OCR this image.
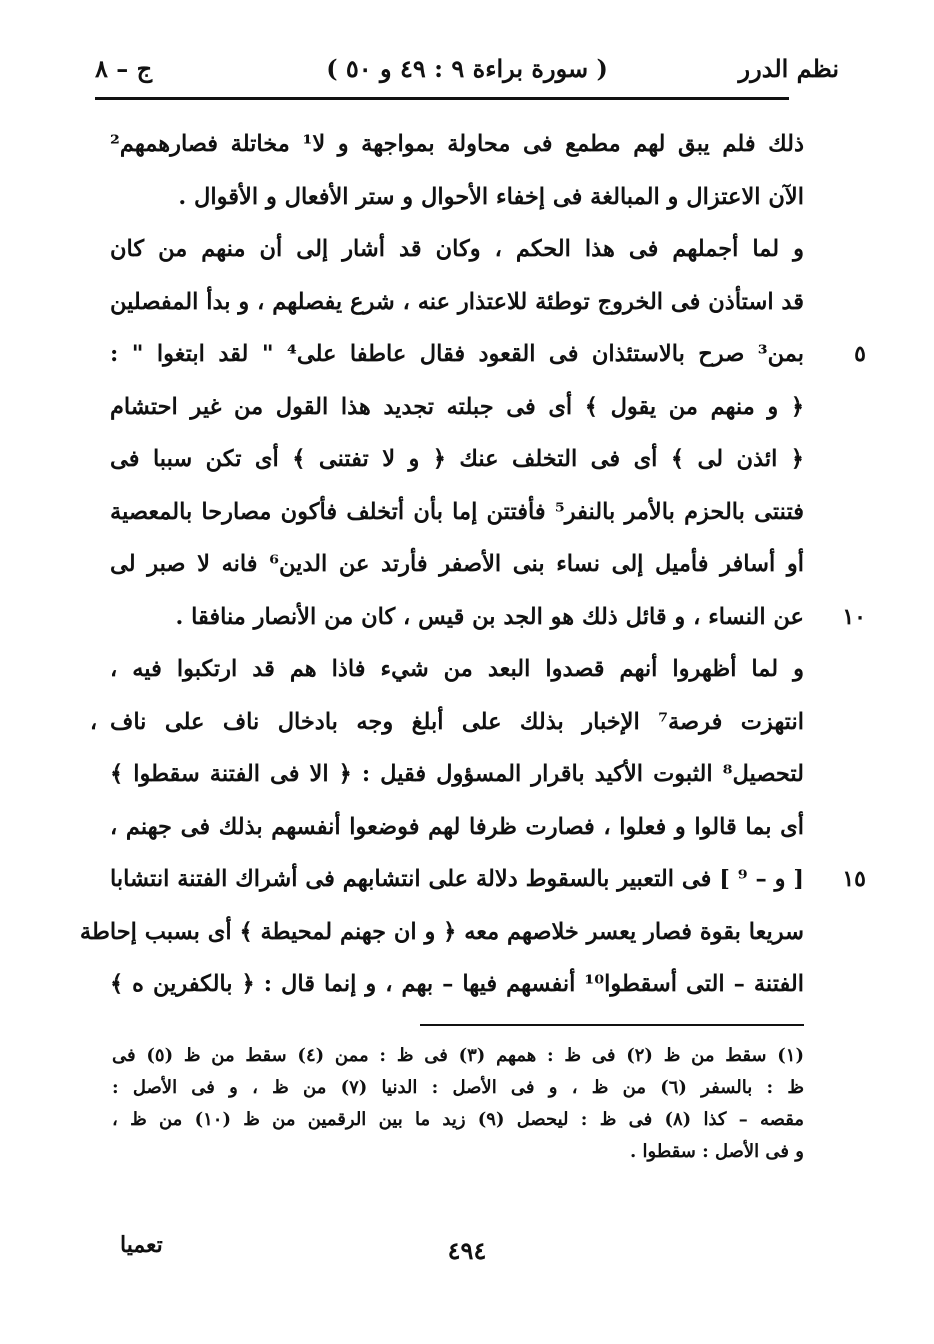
نظم الدرر
( سورة براءة ٩ : ٤٩ و ٥٠ )
ج – ٨
ذلك فلم يبق لهم مطمع فى محاولة بمواجهة و لا¹ مخاتلة فصارهمهم²
الآن الاعتزال و المبالغة فى إخفاء الأحوال و ستر الأفعال و الأقوال .
و لما أجملهم فى هذا الحكم ، وكان قد أشار إلى أن منهم من كان
قد استأذن فى الخروج توطئة للاعتذار عنه ، شرع يفصلهم ، و بدأ المفصلين
بمن³ صرح بالاستئذان فى القعود فقال عاطفا على⁴ " لقد ابتغوا " : ٥
﴿ و منهم من يقول ﴾ أى فى جبلته تجديد هذا القول من غير احتشام
﴿ ائذن لى ﴾ أى فى التخلف عنك ﴿ و لا تفتنى ﴾ أى تكن سببا فى
فتنتى بالحزم بالأمر بالنفر⁵ فأفتتن إما بأن أتخلف فأكون مصارحا بالمعصية
أو أسافر فأميل إلى نساء بنى الأصفر فأرتد عن الدين⁶ فانه لا صبر لى
عن النساء ، و قائل ذلك هو الجد بن قيس ، كان من الأنصار منافقا . ١٠
و لما أظهروا أنهم قصدوا البعد من شيء فاذا هم قد ارتكبوا فيه ،
انتهزت فرصة⁷ الإخبار بذلك على أبلغ وجه بادخال ناف على ناف
،
لتحصيل⁸ الثبوت الأكيد باقرار المسؤول فقيل : ﴿ الا فى الفتنة سقطوا ﴾
أى بما قالوا و فعلوا ، فصارت ظرفا لهم فوضعوا أنفسهم بذلك فى جهنم ،
[ و – ⁹ ] فى التعبير بالسقوط دلالة على انتشابهم فى أشراك الفتنة انتشابا ١٥
سريعا بقوة فصار يعسر خلاصهم معه ﴿ و ان جهنم لمحيطة ﴾ أى بسبب إحاطة
الفتنة – التى أسقطوا¹⁰ أنفسهم فيها – بهم ، و إنما قال : ﴿ بالكفرين ه ﴾
(١) سقط من ظ (٢) فى ظ : همهم (٣) فى ظ : ممن (٤) سقط من ظ (٥) فى
ظ : بالسفر (٦) من ظ ، و فى الأصل : الدنيا (٧) من ظ ، و فى الأصل :
مقصه – كذا (٨) فى ظ : ليحصل (٩) زيد ما بين الرقمين من ظ (١٠) من ظ ،
و فى الأصل : سقطوا .
٤٩٤
تعميا
